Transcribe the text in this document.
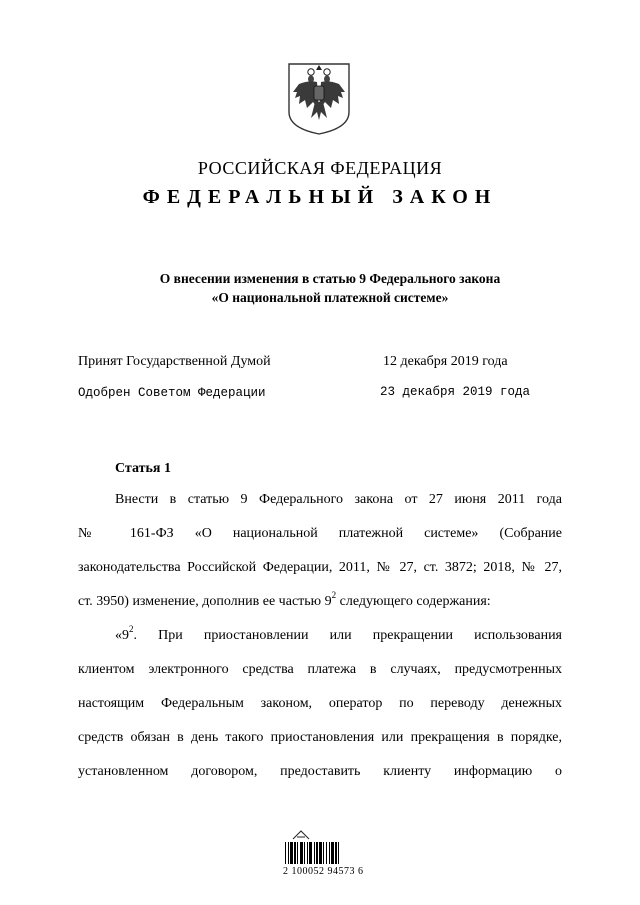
РОССИЙСКАЯ ФЕДЕРАЦИЯ
ФЕДЕРАЛЬНЫЙ ЗАКОН
О внесении изменения в статью 9 Федерального закона
«О национальной платежной системе»
Принят Государственной Думой	12 декабря 2019 года
Одобрен Советом Федерации	23 декабря 2019 года
Статья 1
Внести в статью 9 Федерального закона от 27 июня 2011 года
№ 161-ФЗ «О национальной платежной системе» (Собрание
законодательства Российской Федерации, 2011, № 27, ст. 3872; 2018, № 27,
ст. 3950) изменение, дополнив ее частью $9^2$ следующего содержания:
«$9^2$. При приостановлении или прекращении использования
клиентом электронного средства платежа в случаях, предусмотренных
настоящим Федеральным законом, оператор по переводу денежных
средств обязан в день такого приостановления или прекращения в порядке,
установленном договором, предоставить клиенту информацию о
2 100052 94573 6
